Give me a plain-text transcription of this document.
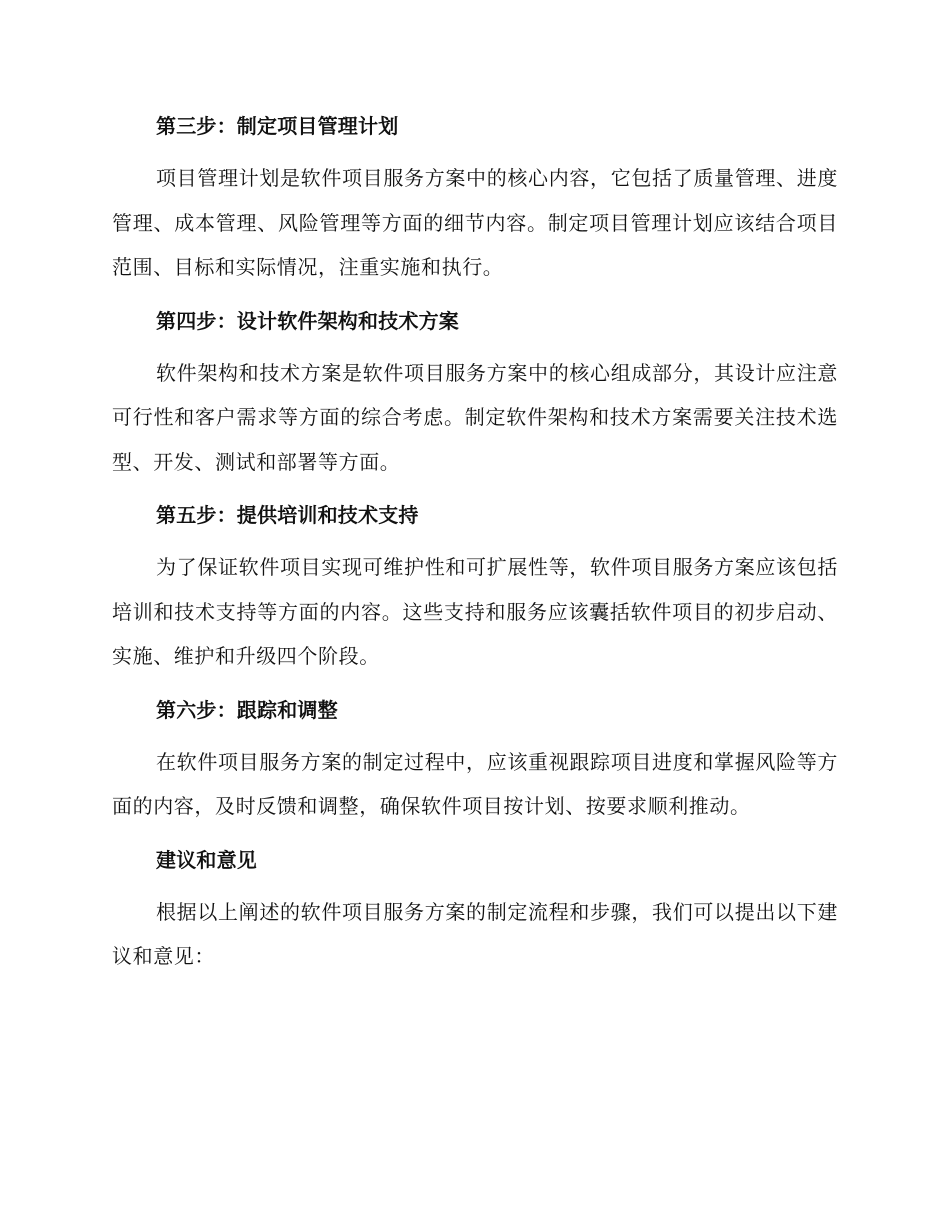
第三步：制定项目管理计划

项目管理计划是软件项目服务方案中的核心内容，它包括了质量管理、进度管理、成本管理、风险管理等方面的细节内容。制定项目管理计划应该结合项目范围、目标和实际情况，注重实施和执行。

第四步：设计软件架构和技术方案

软件架构和技术方案是软件项目服务方案中的核心组成部分，其设计应注意可行性和客户需求等方面的综合考虑。制定软件架构和技术方案需要关注技术选型、开发、测试和部署等方面。

第五步：提供培训和技术支持

为了保证软件项目实现可维护性和可扩展性等，软件项目服务方案应该包括培训和技术支持等方面的内容。这些支持和服务应该囊括软件项目的初步启动、实施、维护和升级四个阶段。

第六步：跟踪和调整

在软件项目服务方案的制定过程中，应该重视跟踪项目进度和掌握风险等方面的内容，及时反馈和调整，确保软件项目按计划、按要求顺利推动。

建议和意见

根据以上阐述的软件项目服务方案的制定流程和步骤，我们可以提出以下建议和意见：
